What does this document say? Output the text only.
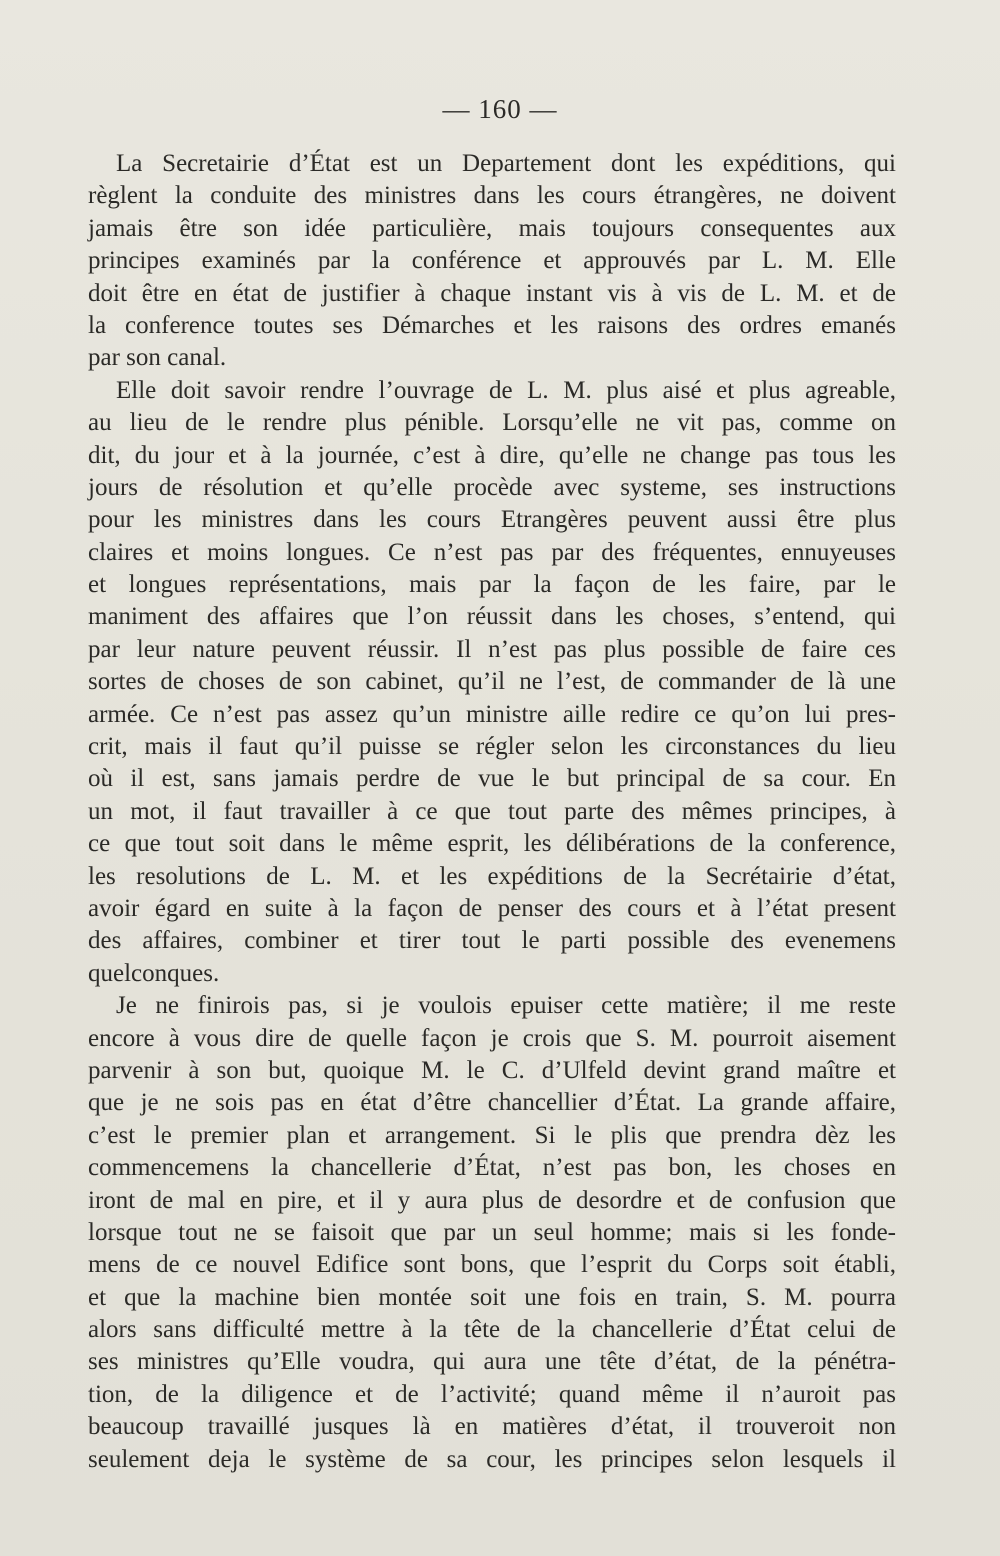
— 160 —
La Secretairie d’État est un Departement dont les expéditions, qui
règlent la conduite des ministres dans les cours étrangères, ne doivent
jamais être son idée particulière, mais toujours consequentes aux
principes examinés par la conférence et approuvés par L. M. Elle
doit être en état de justifier à chaque instant vis à vis de L. M. et de
la conference toutes ses Démarches et les raisons des ordres emanés
par son canal.
Elle doit savoir rendre l’ouvrage de L. M. plus aisé et plus agreable,
au lieu de le rendre plus pénible. Lorsqu’elle ne vit pas, comme on
dit, du jour et à la journée, c’est à dire, qu’elle ne change pas tous les
jours de résolution et qu’elle procède avec systeme, ses instructions
pour les ministres dans les cours Etrangères peuvent aussi être plus
claires et moins longues. Ce n’est pas par des fréquentes, ennuyeuses
et longues représentations, mais par la façon de les faire, par le
maniment des affaires que l’on réussit dans les choses, s’entend, qui
par leur nature peuvent réussir. Il n’est pas plus possible de faire ces
sortes de choses de son cabinet, qu’il ne l’est, de commander de là une
armée. Ce n’est pas assez qu’un ministre aille redire ce qu’on lui pres-
crit, mais il faut qu’il puisse se régler selon les circonstances du lieu
où il est, sans jamais perdre de vue le but principal de sa cour. En
un mot, il faut travailler à ce que tout parte des mêmes principes, à
ce que tout soit dans le même esprit, les délibérations de la conference,
les resolutions de L. M. et les expéditions de la Secrétairie d’état,
avoir égard en suite à la façon de penser des cours et à l’état present
des affaires, combiner et tirer tout le parti possible des evenemens
quelconques.
Je ne finirois pas, si je voulois epuiser cette matière; il me reste
encore à vous dire de quelle façon je crois que S. M. pourroit aisement
parvenir à son but, quoique M. le C. d’Ulfeld devint grand maître et
que je ne sois pas en état d’être chancellier d’État. La grande affaire,
c’est le premier plan et arrangement. Si le plis que prendra dèz les
commencemens la chancellerie d’État, n’est pas bon, les choses en
iront de mal en pire, et il y aura plus de desordre et de confusion que
lorsque tout ne se faisoit que par un seul homme; mais si les fonde-
mens de ce nouvel Edifice sont bons, que l’esprit du Corps soit établi,
et que la machine bien montée soit une fois en train, S. M. pourra
alors sans difficulté mettre à la tête de la chancellerie d’État celui de
ses ministres qu’Elle voudra, qui aura une tête d’état, de la pénétra-
tion, de la diligence et de l’activité; quand même il n’auroit pas
beaucoup travaillé jusques là en matières d’état, il trouveroit non
seulement deja le système de sa cour, les principes selon lesquels il
